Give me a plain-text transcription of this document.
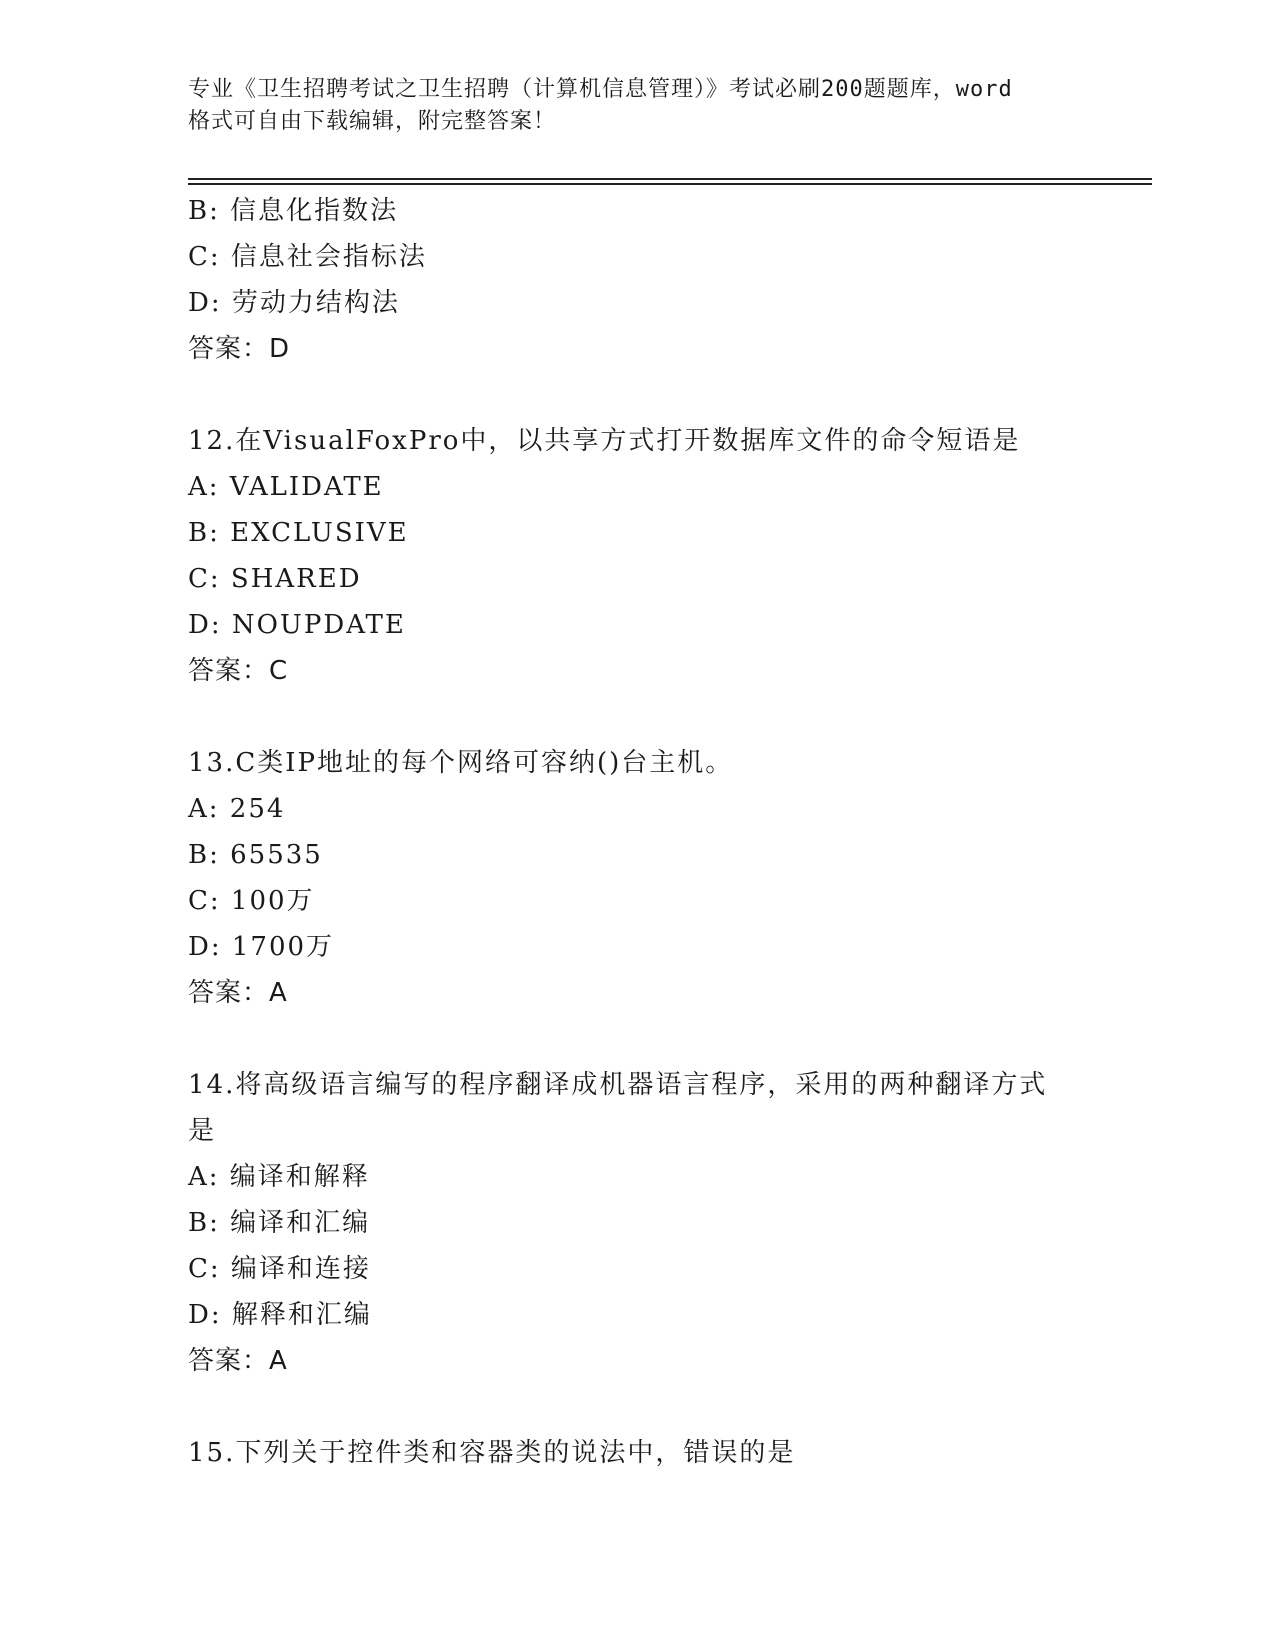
专业《卫生招聘考试之卫生招聘（计算机信息管理）》考试必刷200题题库，word
格式可自由下载编辑，附完整答案！
B: 信息化指数法
C: 信息社会指标法
D: 劳动力结构法
答案：D
12.在VisualFoxPro中，以共享方式打开数据库文件的命令短语是
A: VALIDATE
B: EXCLUSIVE
C: SHARED
D: NOUPDATE
答案：C
13.C类IP地址的每个网络可容纳()台主机。
A: 254
B: 65535
C: 100万
D: 1700万
答案：A
14.将高级语言编写的程序翻译成机器语言程序，采用的两种翻译方式
是
A: 编译和解释
B: 编译和汇编
C: 编译和连接
D: 解释和汇编
答案：A
15.下列关于控件类和容器类的说法中，错误的是
